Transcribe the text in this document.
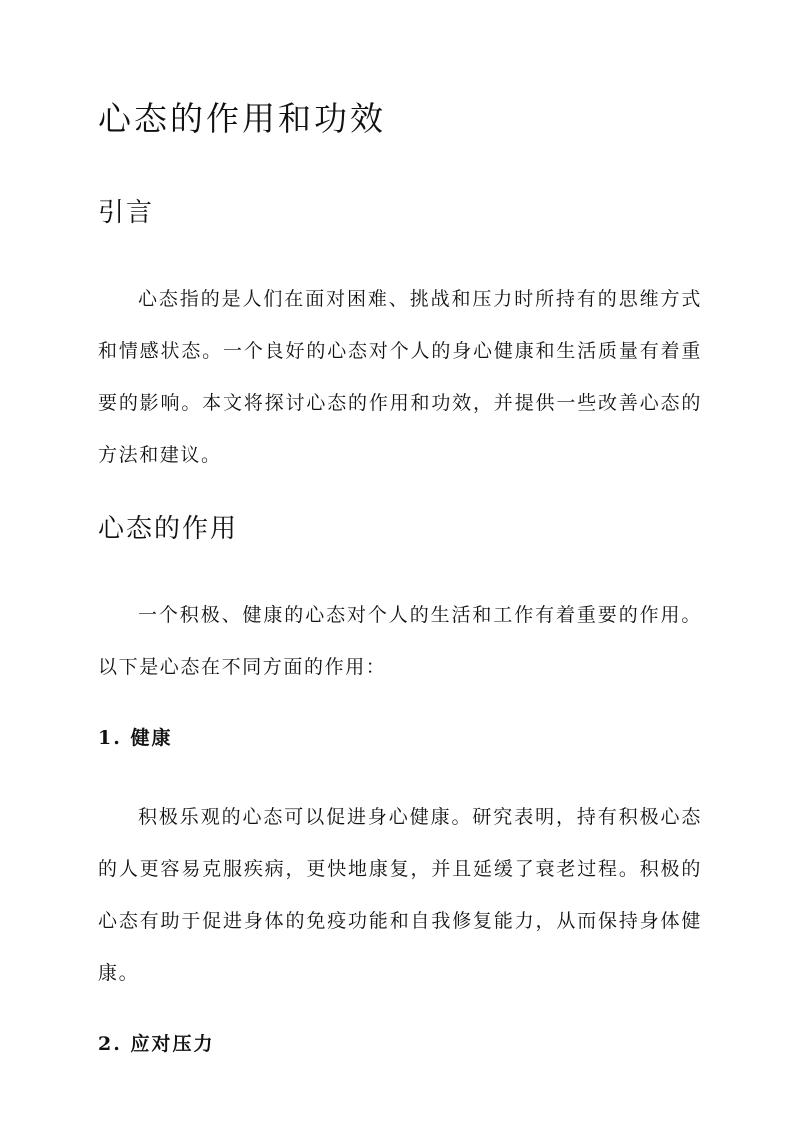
心态的作用和功效
引言

心态指的是人们在面对困难、挑战和压力时所持有的思维方式和情感状态。一个良好的心态对个人的身心健康和生活质量有着重要的影响。本文将探讨心态的作用和功效，并提供一些改善心态的方法和建议。

心态的作用

一个积极、健康的心态对个人的生活和工作有着重要的作用。以下是心态在不同方面的作用：

1. 健康

积极乐观的心态可以促进身心健康。研究表明，持有积极心态的人更容易克服疾病，更快地康复，并且延缓了衰老过程。积极的心态有助于促进身体的免疫功能和自我修复能力，从而保持身体健康。

2. 应对压力
